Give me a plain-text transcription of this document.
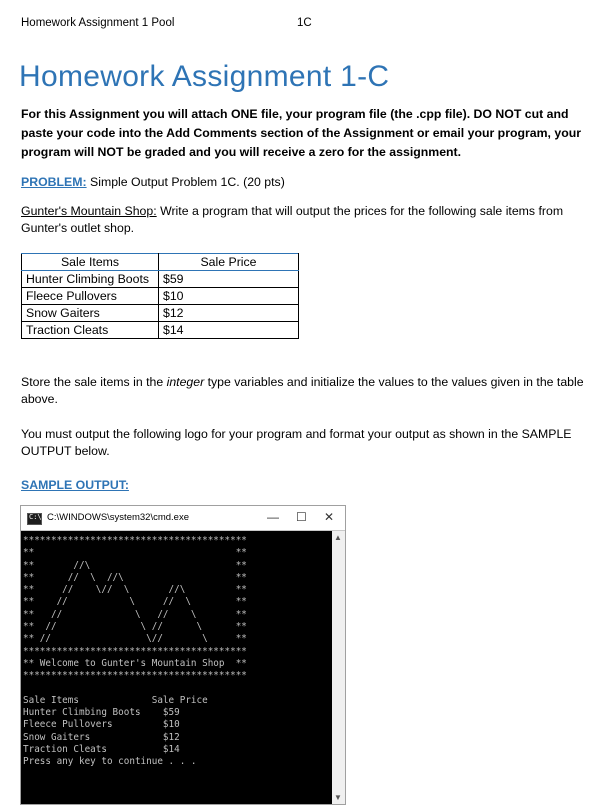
Homework Assignment 1 Pool	1C
Homework Assignment 1-C
For this Assignment you will attach ONE file, your program file (the .cpp file). DO NOT cut and paste your code into the Add Comments section of the Assignment or email your program, your program will NOT be graded and you will receive a zero for the assignment.
PROBLEM: Simple Output Problem 1C. (20 pts)
Gunter's Mountain Shop: Write a program that will output the prices for the following sale items from Gunter's outlet shop.
Sale Items	Sale Price
Hunter Climbing Boots	$59
Fleece Pullovers	$10
Snow Gaiters	$12
Traction Cleats	$14
Store the sale items in the integer type variables and initialize the values to the values given in the table above.
You must output the following logo for your program and format your output as shown in the SAMPLE OUTPUT below.
SAMPLE OUTPUT:
C:\ C:\WINDOWS\system32\cmd.exe	— ☐ ✕
****************************************
**                                    **
**       //\                          **
**      //  \  //\                    **
**     //    \//  \       //\         **
**    //           \     //  \        **
**   //             \   //    \       **
**  //               \ //      \      **
** //                 \//       \     **
****************************************
** Welcome to Gunter's Mountain Shop  **
****************************************

Sale Items             Sale Price
Hunter Climbing Boots    $59
Fleece Pullovers         $10
Snow Gaiters             $12
Traction Cleats          $14
Press any key to continue . . .
▲
▼
